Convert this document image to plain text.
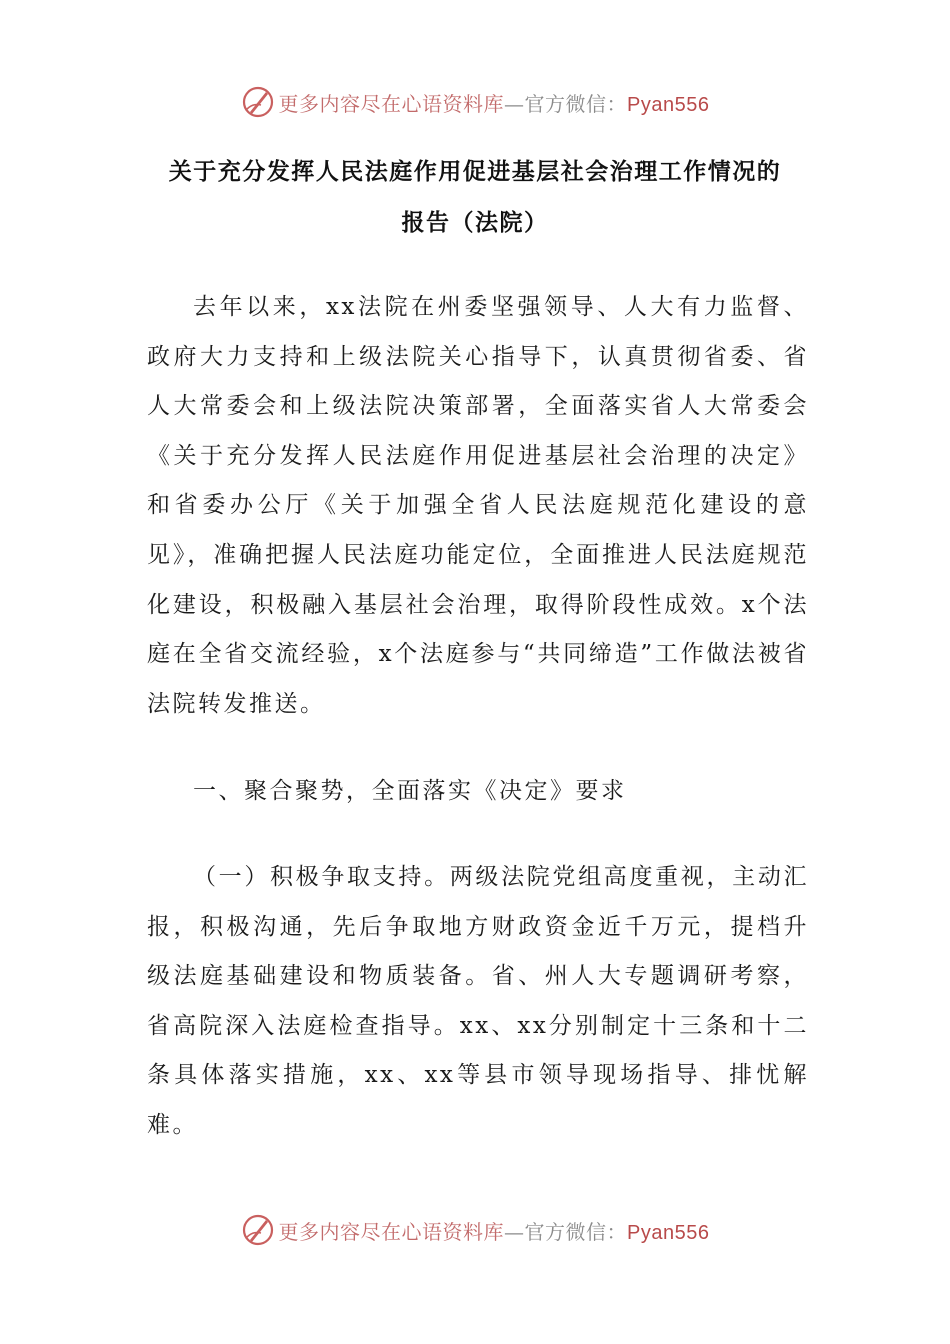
更多内容尽在心语资料库—官方微信：Pyan556
关于充分发挥人民法庭作用促进基层社会治理工作情况的
报告（法院）

去年以来，xx法院在州委坚强领导、人大有力监督、政府大力支持和上级法院关心指导下，认真贯彻省委、省人大常委会和上级法院决策部署，全面落实省人大常委会《关于充分发挥人民法庭作用促进基层社会治理的决定》和省委办公厅《关于加强全省人民法庭规范化建设的意见》，准确把握人民法庭功能定位，全面推进人民法庭规范化建设，积极融入基层社会治理，取得阶段性成效。x个法庭在全省交流经验，x个法庭参与“共同缔造”工作做法被省法院转发推送。

一、聚合聚势，全面落实《决定》要求

（一）积极争取支持。两级法院党组高度重视，主动汇报，积极沟通，先后争取地方财政资金近千万元，提档升级法庭基础建设和物质装备。省、州人大专题调研考察，省高院深入法庭检查指导。xx、xx分别制定十三条和十二条具体落实措施，xx、xx等县市领导现场指导、排忧解难。

更多内容尽在心语资料库—官方微信：Pyan556
